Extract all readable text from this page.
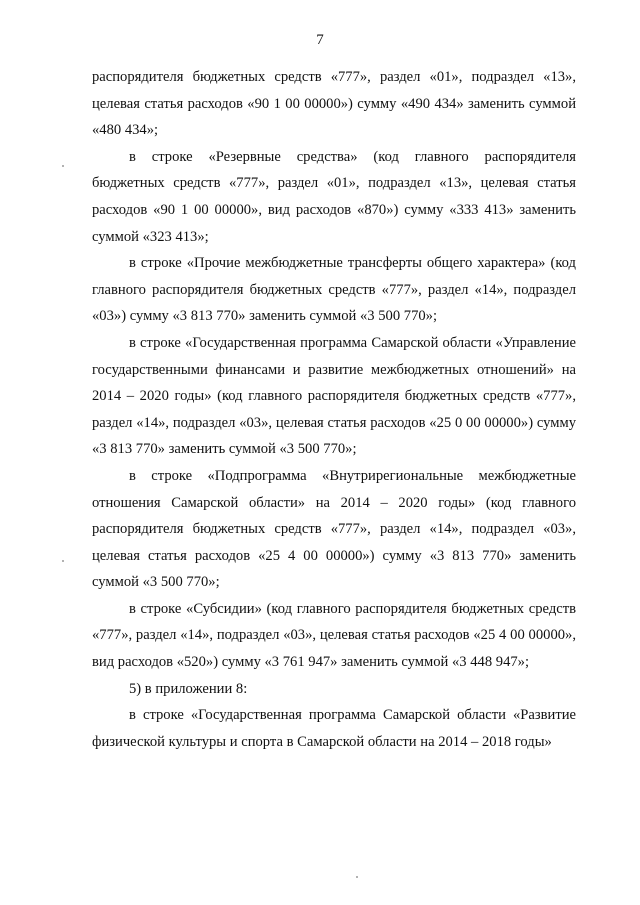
7

распорядителя бюджетных средств «777», раздел «01», подраздел «13», целевая статья расходов «90 1 00 00000») сумму «490 434» заменить суммой «480 434»;

в строке «Резервные средства» (код главного распорядителя бюджетных средств «777», раздел «01», подраздел «13», целевая статья расходов «90 1 00 00000», вид расходов «870») сумму «333 413» заменить суммой «323 413»;

в строке «Прочие межбюджетные трансферты общего характера» (код главного распорядителя бюджетных средств «777», раздел «14», подраздел «03») сумму «3 813 770» заменить суммой «3 500 770»;

в строке «Государственная программа Самарской области «Управление государственными финансами и развитие межбюджетных отношений» на 2014 – 2020 годы» (код главного распорядителя бюджетных средств «777», раздел «14», подраздел «03», целевая статья расходов «25 0 00 00000») сумму «3 813 770» заменить суммой «3 500 770»;

в строке «Подпрограмма «Внутрирегиональные межбюджетные отношения Самарской области» на 2014 – 2020 годы» (код главного распорядителя бюджетных средств «777», раздел «14», подраздел «03», целевая статья расходов «25 4 00 00000») сумму «3 813 770» заменить суммой «3 500 770»;

в строке «Субсидии» (код главного распорядителя бюджетных средств «777», раздел «14», подраздел «03», целевая статья расходов «25 4 00 00000», вид расходов «520») сумму «3 761 947» заменить суммой «3 448 947»;

5) в приложении 8:

в строке «Государственная программа Самарской области «Развитие физической культуры и спорта в Самарской области на 2014 – 2018 годы»
